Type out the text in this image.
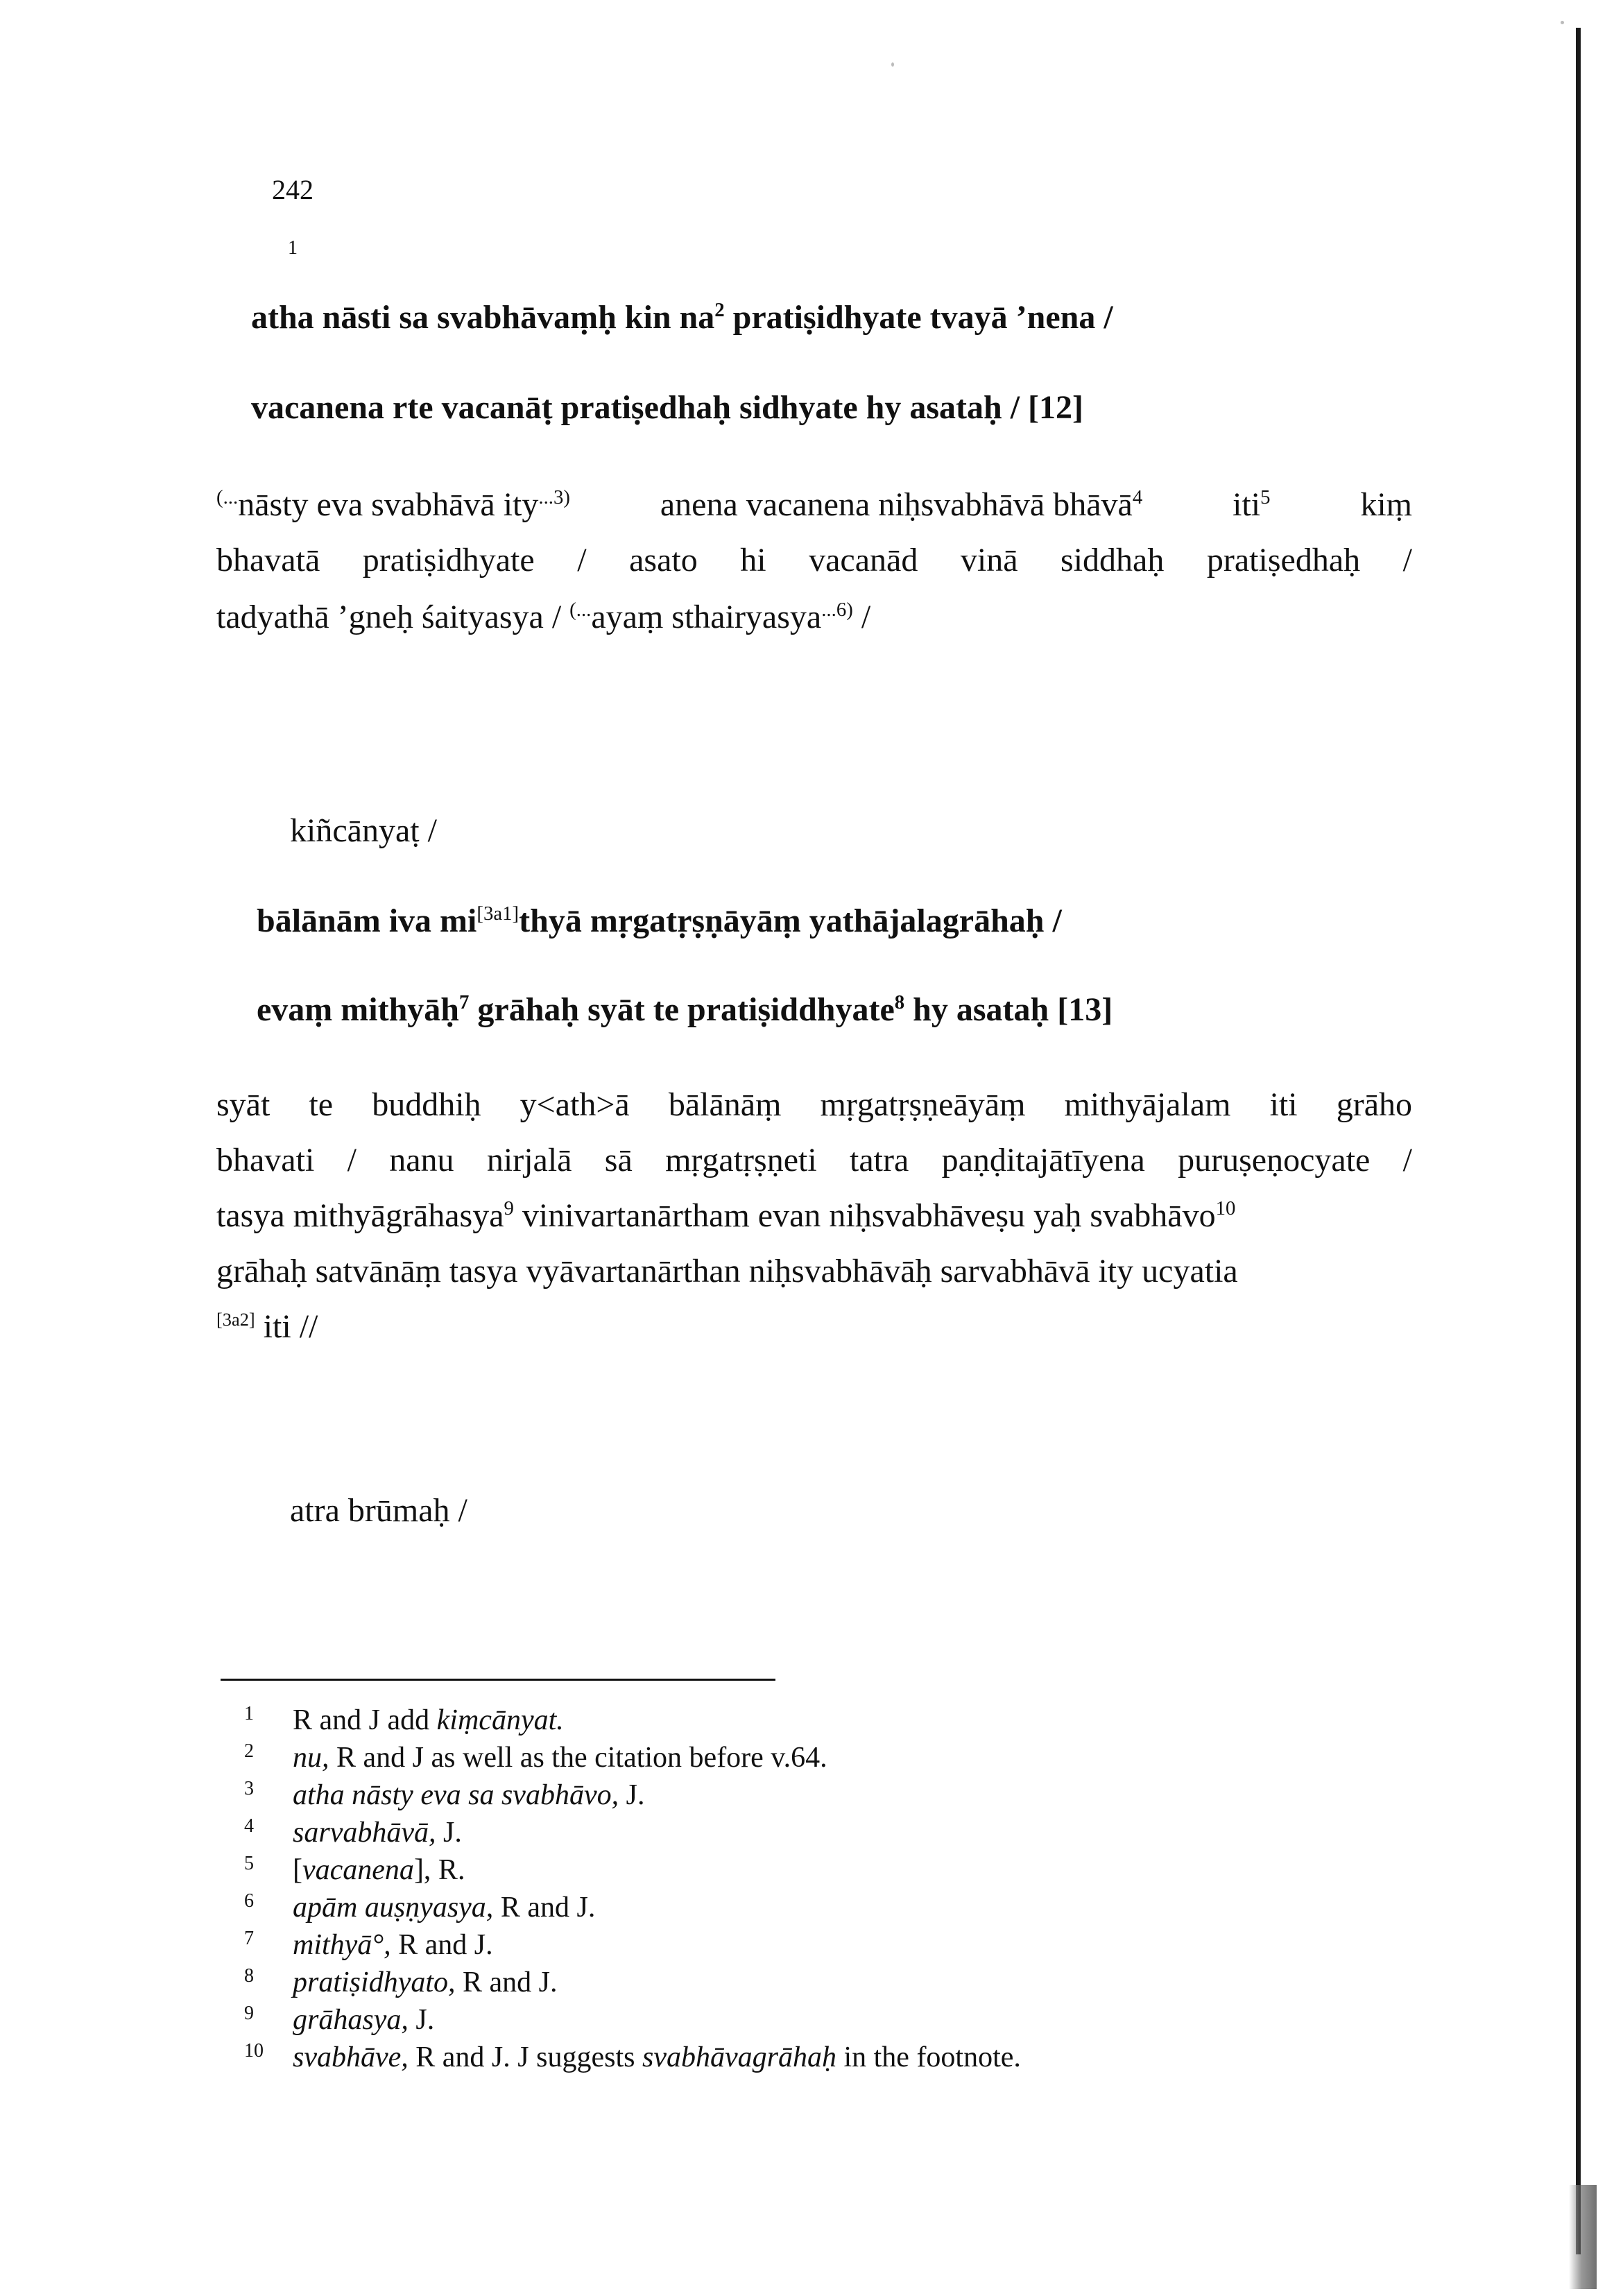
242
1
atha nāsti sa svabhāvaṃḥ kin $na^2$ pratiṣidhyate tvayā ’nena /
vacanena rte vacanāṭ pratiṣedhaḥ sidhyate hy asataḥ / [12]
(...nāsty eva svabhāvā ity$^{...3)}$	anena vacanena niḥsvabhāvā bhāvā$^4$	iti$^5$	kiṃ
bhavatā pratiṣidhyate / asato hi vacanād vinā siddhaḥ pratiṣedhaḥ /
tadyathā ’gneḥ śaityasya / (...ayaṃ sthairyasya$^{...6)}$ /
kiñcānyaṭ /
bālānām iva mi[3a1]thyā mṛgatṛṣṇāyāṃ yathājalagrāhaḥ /
evaṃ mithyāḥ$^7$ grāhaḥ syāt te pratiṣiddhyate$^8$ hy asataḥ [13]
syāt te buddhiḥ y<ath>ā bālānāṃ mṛgatṛṣṇeāyāṃ mithyājalam iti grāho
bhavati / nanu nirjalā sā mṛgatṛṣṇeti tatra paṇḍitajātīyena puruṣeṇocyate /
tasya mithyāgrāhasya$^9$ vinivartanārtham evan niḥsvabhāveṣu yaḥ svabhāvo$^{10}$
grāhaḥ satvānāṃ tasya vyāvartanārthan niḥsvabhāvāḥ sarvabhāvā ity ucyatia
[3a2] iti //
atra brūmaḥ /
1 R and J add kiṃcānyat.
2 nu, R and J as well as the citation before v.64.
3 atha nāsty eva sa svabhāvo, J.
4 sarvabhāvā, J.
5 [vacanena], R.
6 apām auṣṇyasya, R and J.
7 mithyā°, R and J.
8 pratiṣidhyato, R and J.
9 grāhasya, J.
10 svabhāve, R and J. J suggests svabhāvagrāhaḥ in the footnote.
